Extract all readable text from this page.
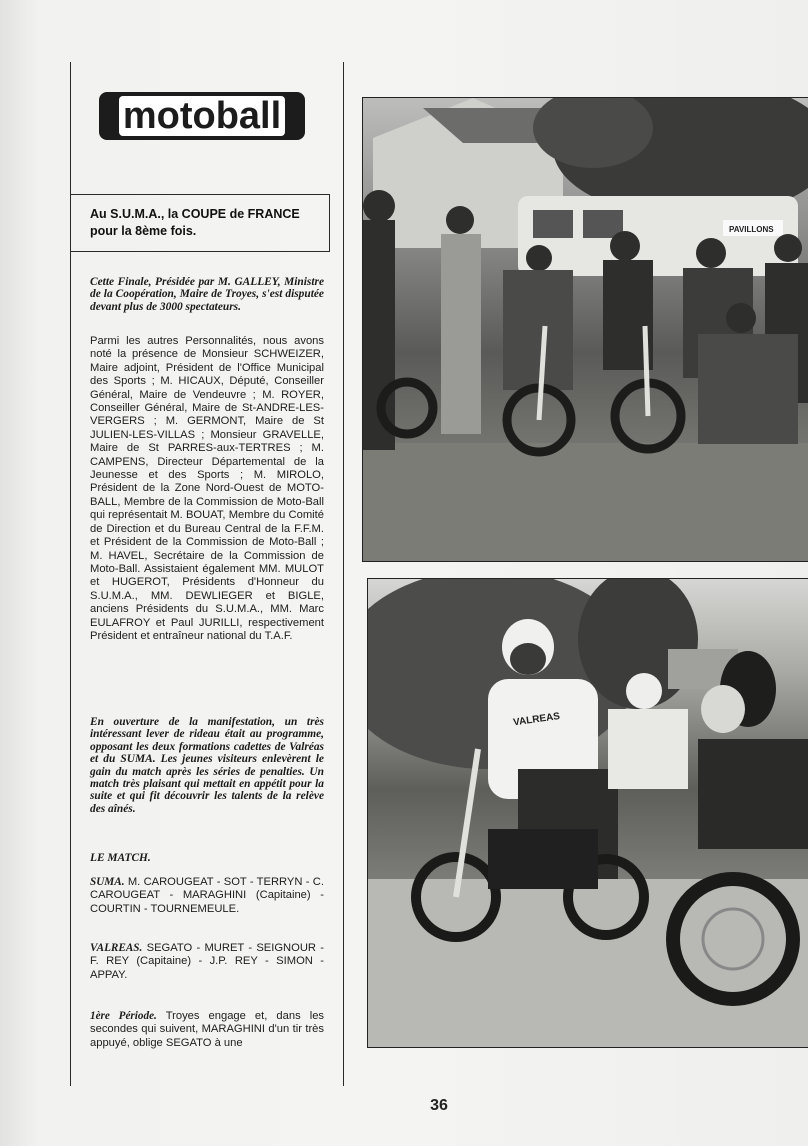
motoball
Au S.U.M.A., la COUPE de FRANCE
pour la 8ème fois.
Cette Finale, Présidée par M. GALLEY, Ministre de la Coopération, Maire de Troyes, s'est disputée devant plus de 3000 spectateurs.
Parmi les autres Personnalités, nous avons noté la présence de Monsieur SCHWEIZER, Maire adjoint, Président de l'Office Municipal des Sports ; M. HICAUX, Député, Conseiller Général, Maire de Vendeuvre ; M. ROYER, Conseiller Général, Maire de St-ANDRE-LES-VERGERS ; M. GERMONT, Maire de St JULIEN-LES-VILLAS ; Monsieur GRAVELLE, Maire de St PARRES-aux-TERTRES ; M. CAMPENS, Directeur Départemental de la Jeunesse et des Sports ; M. MIROLO, Président de la Zone Nord-Ouest de MOTO-BALL, Membre de la Commission de Moto-Ball qui représentait M. BOUAT, Membre du Comité de Direction et du Bureau Central de la F.F.M. et Président de la Commission de Moto-Ball ; M. HAVEL, Secrétaire de la Commission de Moto-Ball. Assistaient également MM. MULOT et HUGEROT, Présidents d'Honneur du S.U.M.A., MM. DEWLIEGER et BIGLE, anciens Présidents du S.U.M.A., MM. Marc EULAFROY et Paul JURILLI, respectivement Président et entraîneur national du T.A.F.
En ouverture de la manifestation, un très intéressant lever de rideau était au programme, opposant les deux formations cadettes de Valréas et du SUMA. Les jeunes visiteurs enlevèrent le gain du match après les séries de penalties. Un match très plaisant qui mettait en appétit pour la suite et qui fit découvrir les talents de la relève des aînés.
LE MATCH.
SUMA. M. CAROUGEAT - SOT - TERRYN - C. CAROUGEAT - MARAGHINI (Capitaine) - COURTIN - TOURNEMEULE.
VALREAS. SEGATO - MURET - SEIGNOUR - F. REY (Capitaine) - J.P. REY - SIMON - APPAY.
1ère Période. Troyes engage et, dans les secondes qui suivent, MARAGHINI d'un tir très appuyé, oblige SEGATO à une
PAVILLONS
VALREAS
36
